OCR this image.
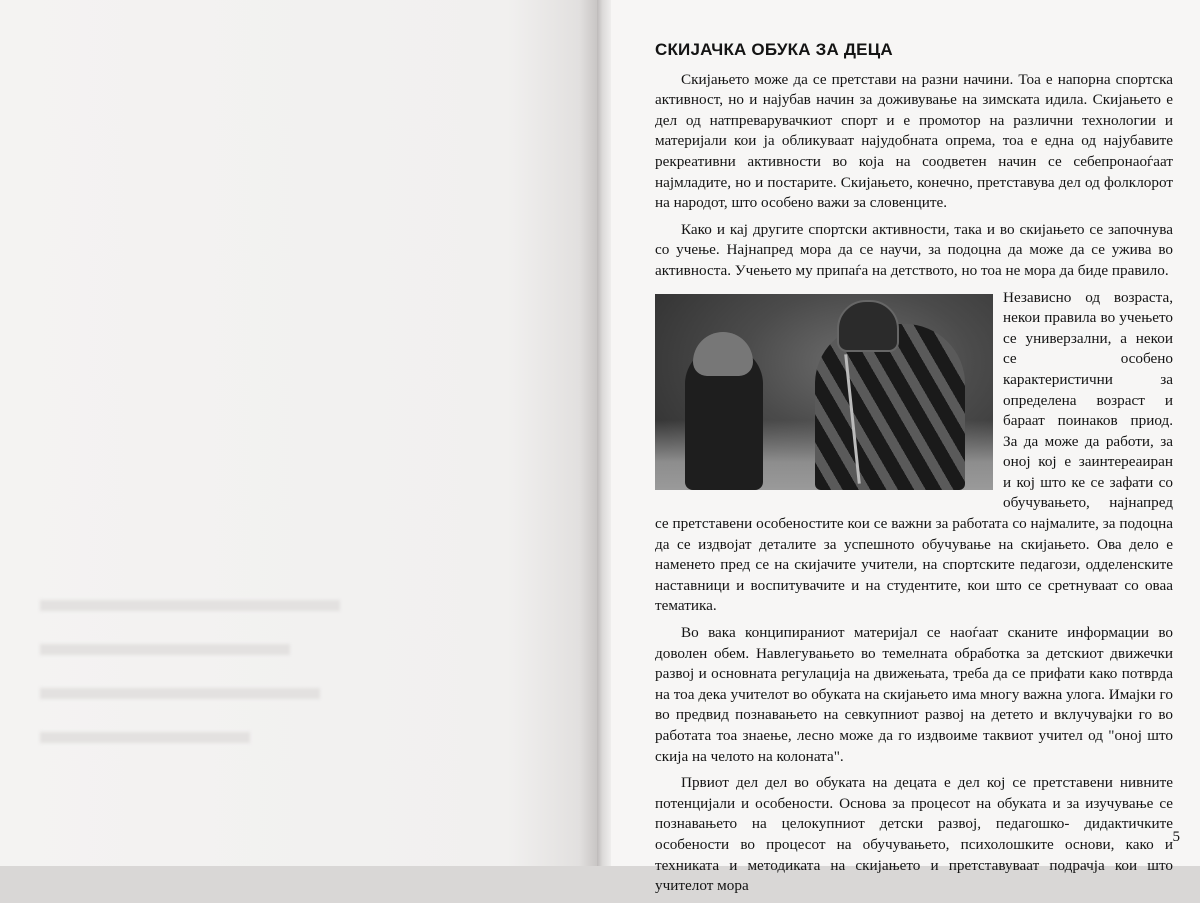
СКИЈАЧКА ОБУКА ЗА ДЕЦА

Скијањето може да се претстави на разни начини. Тоа е напорна спортска активност, но и најубав начин за доживување на зимската идила. Скијањето е дел од натпреварувачкиот спорт и е промотор на различни технологии и материјали кои ја обликуваат најудобната опрема, тоа е една од најубавите рекреативни активности во која на соодветен начин се себепронаоѓаат најмладите, но и постарите. Скијањето, конечно, претставува дел од фолклорот на народот, што особено важи за словенците.

Како и кај другите спортски активности, така и во скијањето се започнува со учење. Најнапред мора да се научи, за подоцна да може да се ужива во активноста. Учењето му припаѓа на детството, но тоа не мора да биде правило.

Независно од возраста, некои правила во учењето се универзални, а некои се особено карактеристични за определена возраст и бараат поинаков приод. За да може да работи, за оној кој е заинтереаиран и кој што ке се зафати со обучувањето, најнапред се претставени особеностите кои се важни за работата со најмалите, за подоцна да се издвојат деталите за успешното обучување на скијањето. Ова дело е наменето пред се на скијачите учители, на спортските педагози, одделенските наставници и воспитувачите и на студентите, кои што се сретнуваат со оваа тематика.

Во вака конципираниот материјал се наоѓаат сканите информации во доволен обем. Навлегувањето во темелната обработка за детскиот движечки развој и основната регулација на движењата, треба да се прифати како потврда на тоа дека учителот во обуката на скијањето има многу важна улога. Имајки го во предвид познавањето на севкупниот развој на детето и вклучувајки го во работата тоа знаење, лесно може да го издвоиме таквиот учител од "оној што скија на челото на колоната".

Првиот дел дел во обуката на децата е дел кој се претставени нивните потенцијали и особености. Основа за процесот на обуката и за изучување се познавањето на целокупниот детски развој, педагошко- дидактичките особености во процесот на обучувањето, психолошките основи, како и техниката и методиката на скијањето и претставуваат подрачја кои што учителот мора

5
